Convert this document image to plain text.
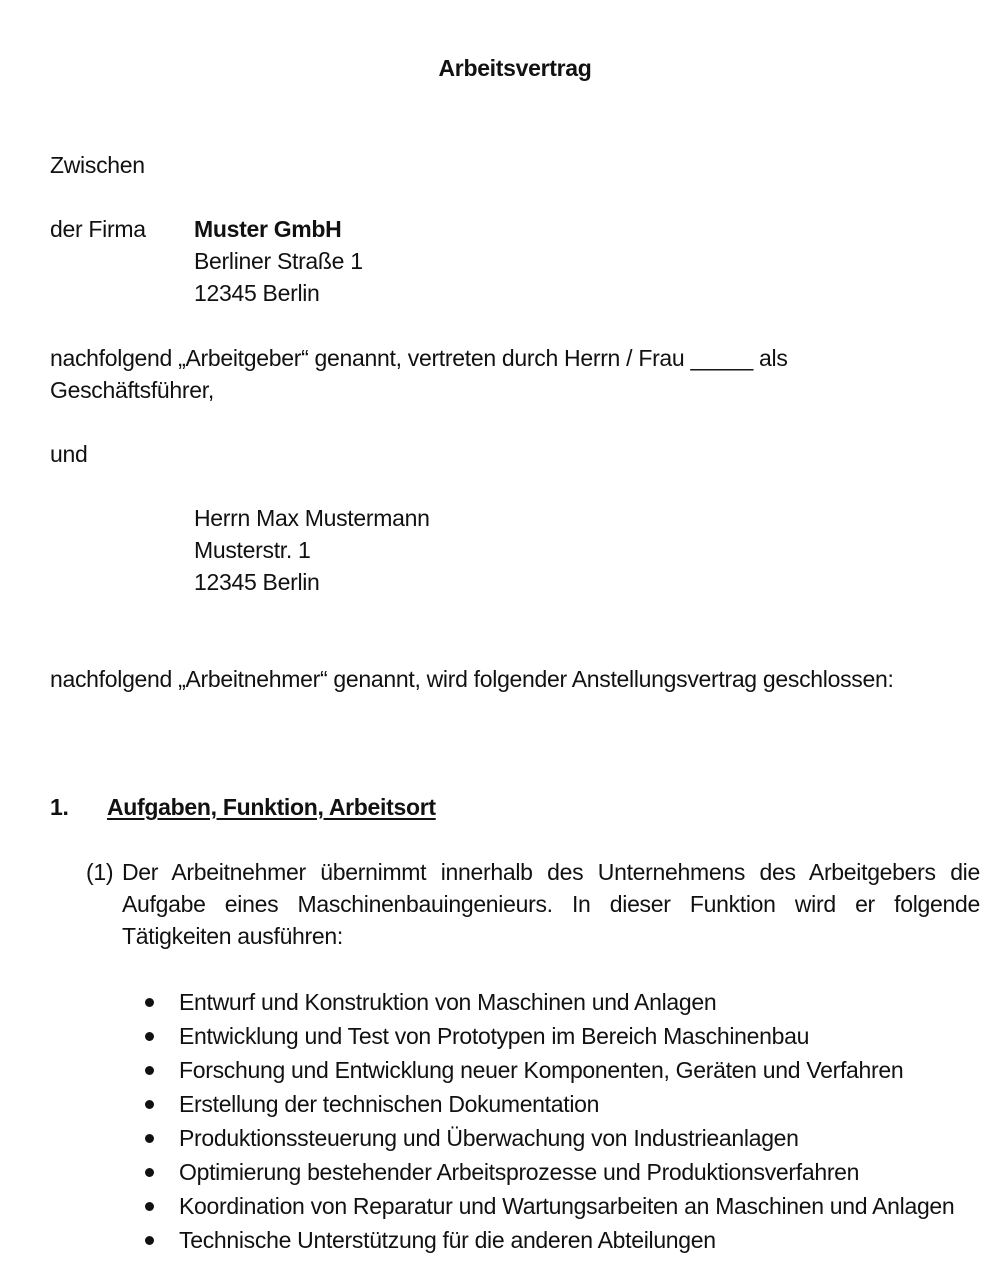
Arbeitsvertrag
Zwischen
der Firma Muster GmbH
Berliner Straße 1
12345 Berlin
nachfolgend „Arbeitgeber“ genannt, vertreten durch Herrn / Frau _____ als
Geschäftsführer,
und
Herrn Max Mustermann
Musterstr. 1
12345 Berlin
nachfolgend „Arbeitnehmer“ genannt, wird folgender Anstellungsvertrag geschlossen:
1. Aufgaben, Funktion, Arbeitsort
(1) Der Arbeitnehmer übernimmt innerhalb des Unternehmens des Arbeitgebers die Aufgabe eines Maschinenbauingenieurs. In dieser Funktion wird er folgende Tätigkeiten ausführen:
Entwurf und Konstruktion von Maschinen und Anlagen
Entwicklung und Test von Prototypen im Bereich Maschinenbau
Forschung und Entwicklung neuer Komponenten, Geräten und Verfahren
Erstellung der technischen Dokumentation
Produktionssteuerung und Überwachung von Industrieanlagen
Optimierung bestehender Arbeitsprozesse und Produktionsverfahren
Koordination von Reparatur und Wartungsarbeiten an Maschinen und Anlagen
Technische Unterstützung für die anderen Abteilungen
